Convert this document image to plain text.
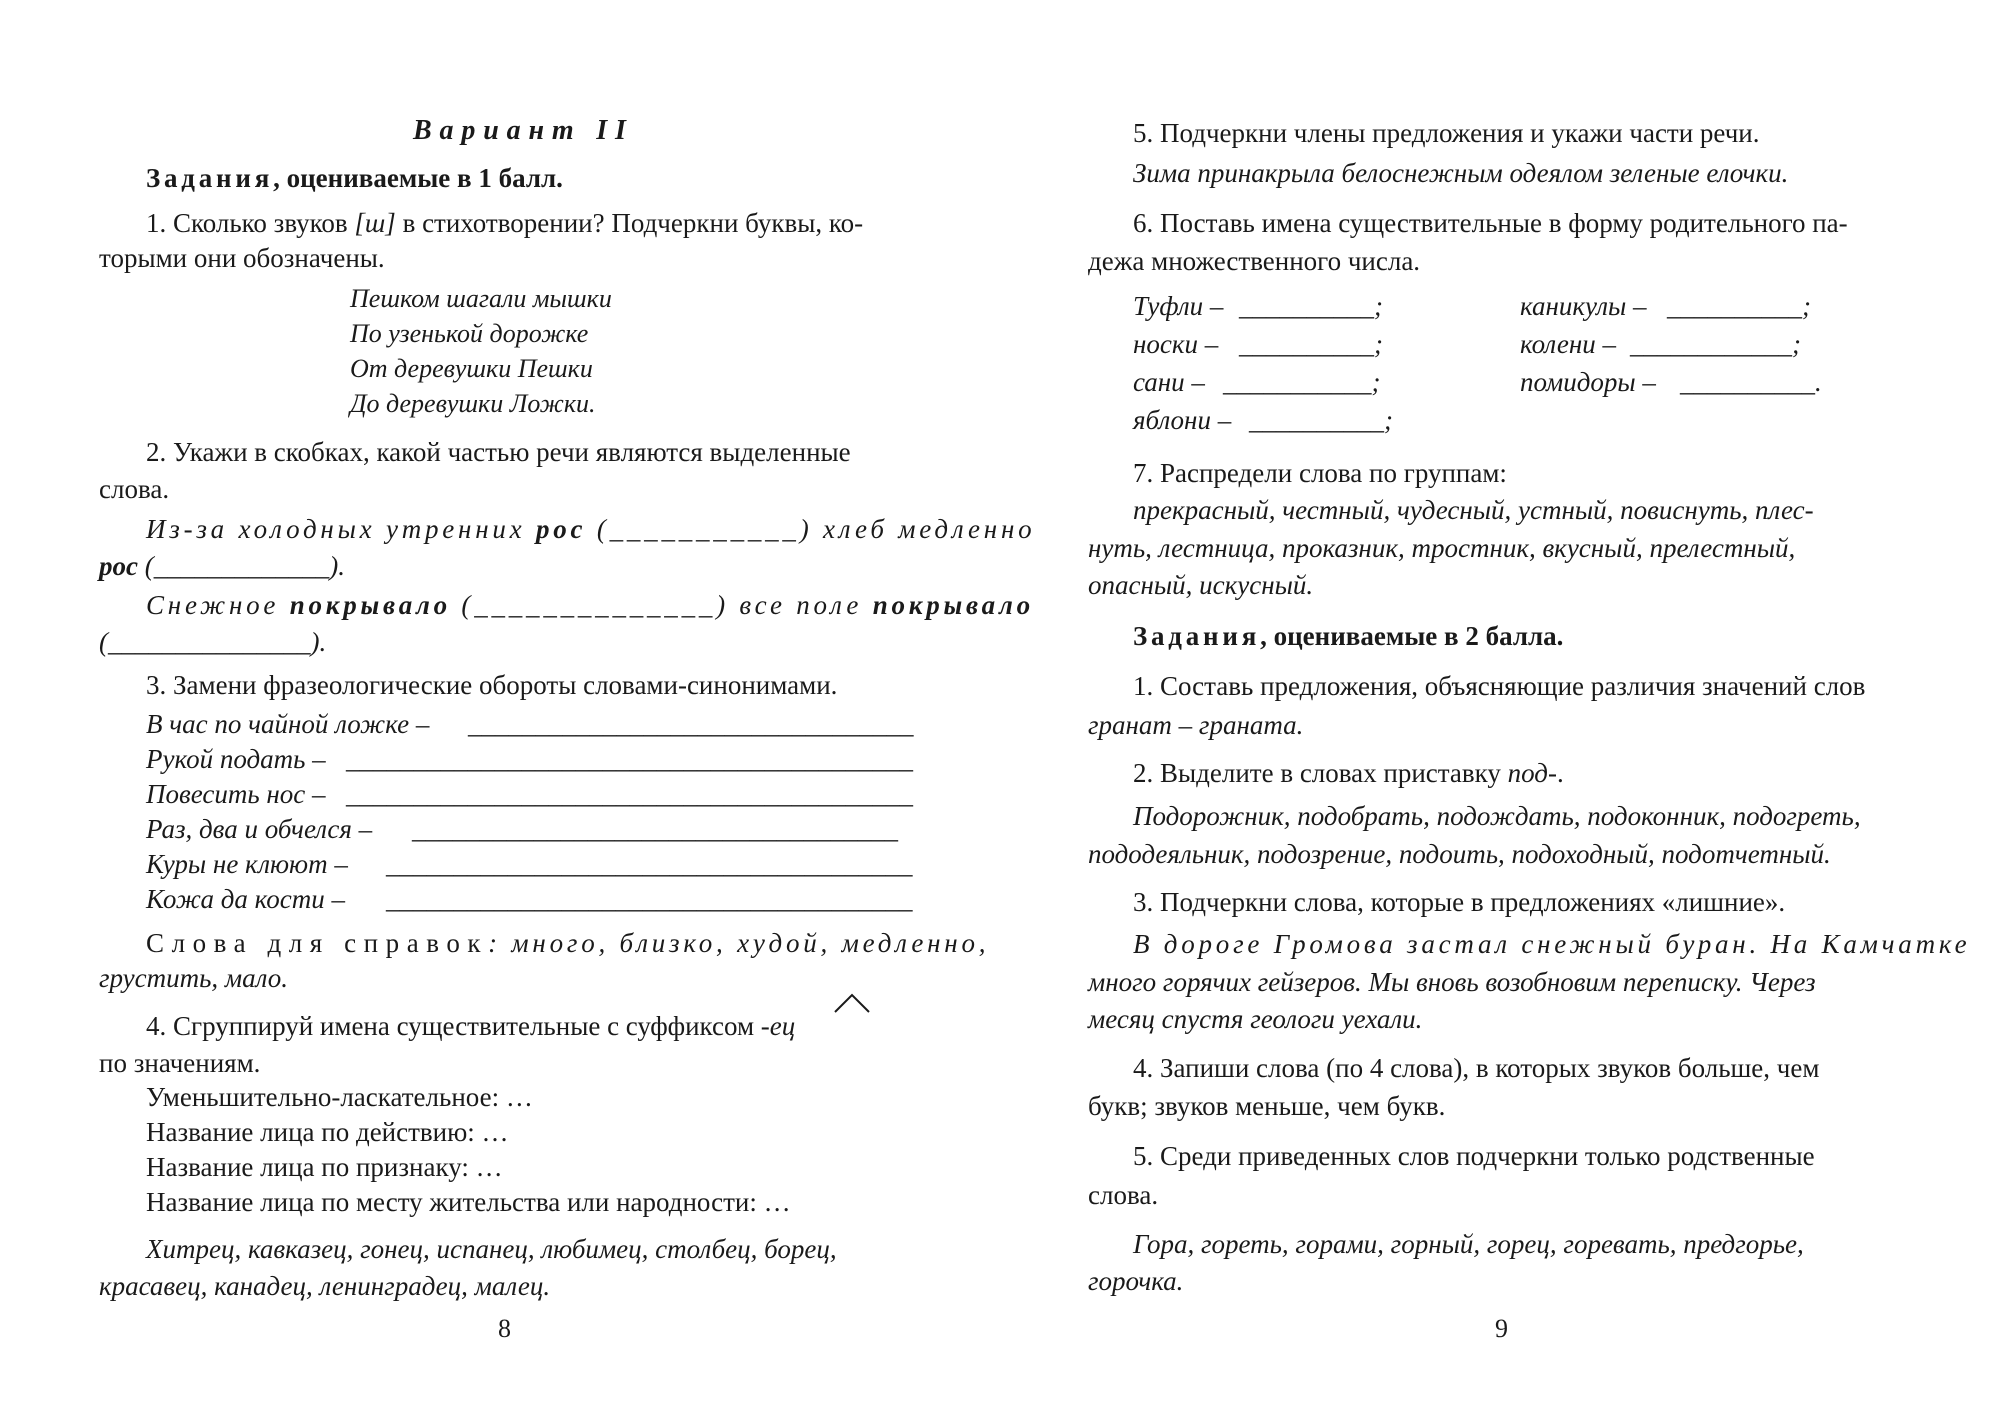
Вариант II
Задания, оцениваемые в 1 балл.
1. Сколько звуков [ш] в стихотворении? Подчеркни буквы, ко-
торыми они обозначены.
Пешком шагали мышки
По узенькой дорожке
От деревушки Пешки
До деревушки Ложки.
2. Укажи в скобках, какой частью речи являются выделенные
слова.
Из-за холодных утренних рос (___________) хлеб медленно
рос (_____________).
Снежное покрывало (______________) все поле покрывало
(_______________).
3. Замени фразеологические обороты словами-синонимами.
В час по чайной ложке – _________________________________
Рукой подать – __________________________________________
Повесить нос – __________________________________________
Раз, два и обчелся – ____________________________________
Куры не клюют – _______________________________________
Кожа да кости – _______________________________________
Слова для справок: много, близко, худой, медленно,
грустить, мало.
4. Сгруппируй имена существительные с суффиксом -ец
по значениям.
Уменьшительно-ласкательное: …
Название лица по действию: …
Название лица по признаку: …
Название лица по месту жительства или народности: …
Хитрец, кавказец, гонец, испанец, любимец, столбец, борец,
красавец, канадец, ленинградец, малец.
8
5. Подчеркни члены предложения и укажи части речи.
Зима принакрыла белоснежным одеялом зеленые елочки.
6. Поставь имена существительные в форму родительного па-
дежа множественного числа.
Туфли – __________;
носки – __________;
сани – ___________;
яблони – __________;
каникулы – __________;
колени – ____________;
помидоры – __________.
7. Распредели слова по группам:
прекрасный, честный, чудесный, устный, повиснуть, плес-
нуть, лестница, проказник, тростник, вкусный, прелестный,
опасный, искусный.
Задания, оцениваемые в 2 балла.
1. Составь предложения, объясняющие различия значений слов
гранат – граната.
2. Выделите в словах приставку под-.
Подорожник, подобрать, подождать, подоконник, подогреть,
пододеяльник, подозрение, подоить, подоходный, подотчетный.
3. Подчеркни слова, которые в предложениях «лишние».
В дороге Громова застал снежный буран. На Камчатке
много горячих гейзеров. Мы вновь возобновим переписку. Через
месяц спустя геологи уехали.
4. Запиши слова (по 4 слова), в которых звуков больше, чем
букв; звуков меньше, чем букв.
5. Среди приведенных слов подчеркни только родственные
слова.
Гора, гореть, горами, горный, горец, горевать, предгорье,
горочка.
9
